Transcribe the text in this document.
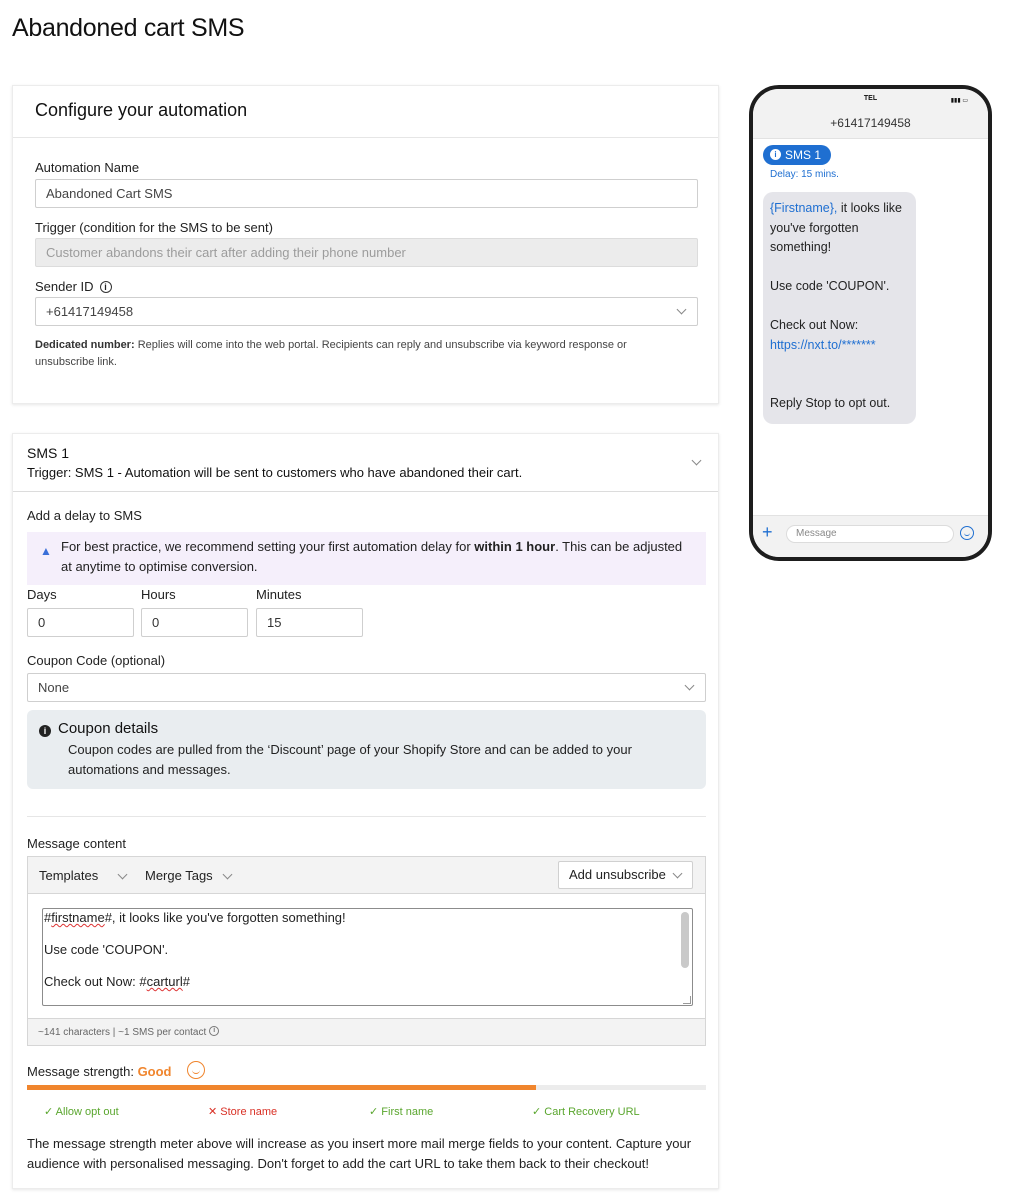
Abandoned cart SMS
Configure your automation
Automation Name
Abandoned Cart SMS
Trigger (condition for the SMS to be sent)
Customer abandons their cart after adding their phone number
Sender ID i
+61417149458
Dedicated number: Replies will come into the web portal. Recipients can reply and unsubscribe via keyword response or unsubscribe link.
SMS 1
Trigger: SMS 1 - Automation will be sent to customers who have abandoned their cart.
Add a delay to SMS
▲ For best practice, we recommend setting your first automation delay for within 1 hour. This can be adjusted at anytime to optimise conversion.
Days
0
Hours
0
Minutes
15
Coupon Code (optional)
None
i Coupon details
Coupon codes are pulled from the ‘Discount’ page of your Shopify Store and can be added to your automations and messages.
Message content
Templates	Merge Tags	Add unsubscribe
#firstname#, it looks like you've forgotten something!
Use code 'COUPON'.
Check out Now: #carturl#
~141 characters | ~1 SMS per contact i
Message strength: Good
✓ Allow opt out	✕ Store name	✓ First name	✓ Cart Recovery URL
The message strength meter above will increase as you insert more mail merge fields to your content. Capture your audience with personalised messaging. Don't forget to add the cart URL to take them back to their checkout!
TEL	▮▮▮ ▭
+61417149458
i SMS 1
Delay: 15 mins.
{Firstname}, it looks like
you've forgotten
something!
Use code 'COUPON'.
Check out Now:
https://nxt.to/*******
Reply Stop to opt out.
+	Message
